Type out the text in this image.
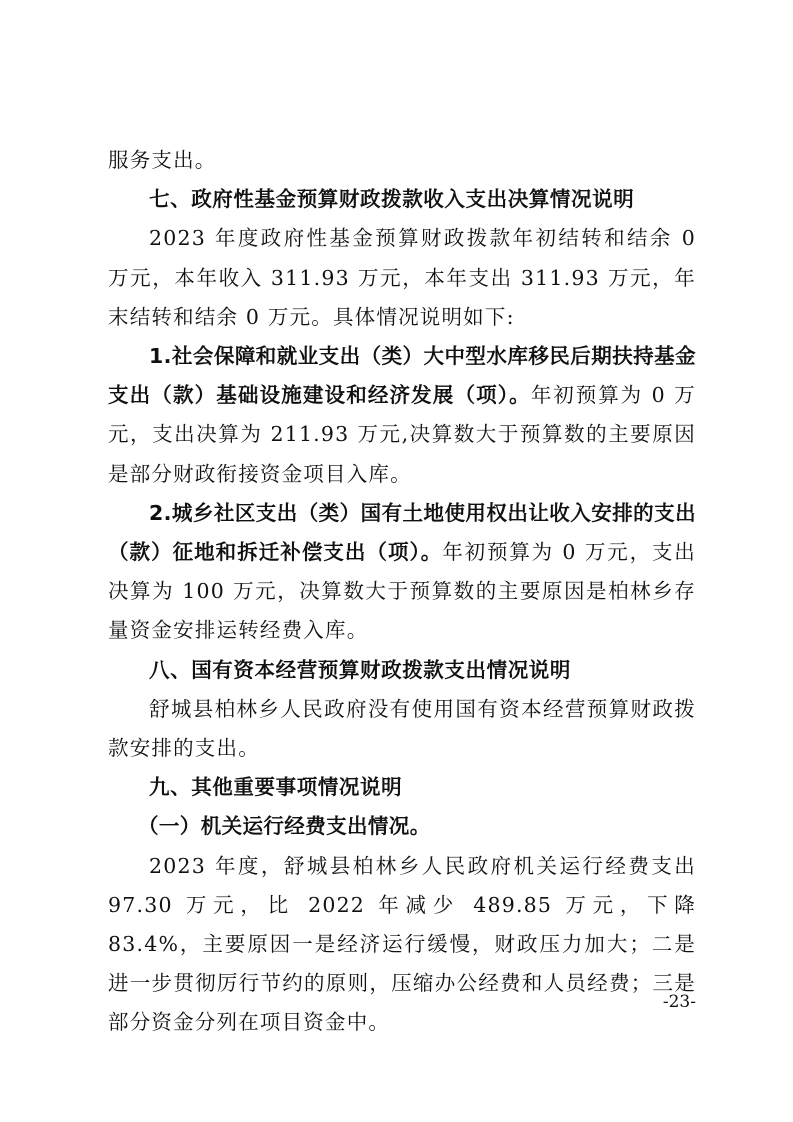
服务支出。

七、政府性基金预算财政拨款收入支出决算情况说明

2023 年度政府性基金预算财政拨款年初结转和结余 0 万元，本年收入 311.93 万元，本年支出 311.93 万元，年末结转和结余 0 万元。具体情况说明如下:

1.社会保障和就业支出（类）大中型水库移民后期扶持基金支出（款）基础设施建设和经济发展（项）。年初预算为 0 万元，支出决算为 211.93 万元,决算数大于预算数的主要原因是部分财政衔接资金项目入库。

2.城乡社区支出（类）国有土地使用权出让收入安排的支出（款）征地和拆迁补偿支出（项）。年初预算为 0 万元，支出决算为 100 万元，决算数大于预算数的主要原因是柏林乡存量资金安排运转经费入库。

八、国有资本经营预算财政拨款支出情况说明

舒城县柏林乡人民政府没有使用国有资本经营预算财政拨款安排的支出。

九、其他重要事项情况说明

（一）机关运行经费支出情况。

2023 年度，舒城县柏林乡人民政府机关运行经费支出 97.30 万元，比 2022 年减少 489.85 万元，下降 83.4%，主要原因一是经济运行缓慢，财政压力加大；二是进一步贯彻厉行节约的原则，压缩办公经费和人员经费；三是部分资金分列在项目资金中。

-23-
